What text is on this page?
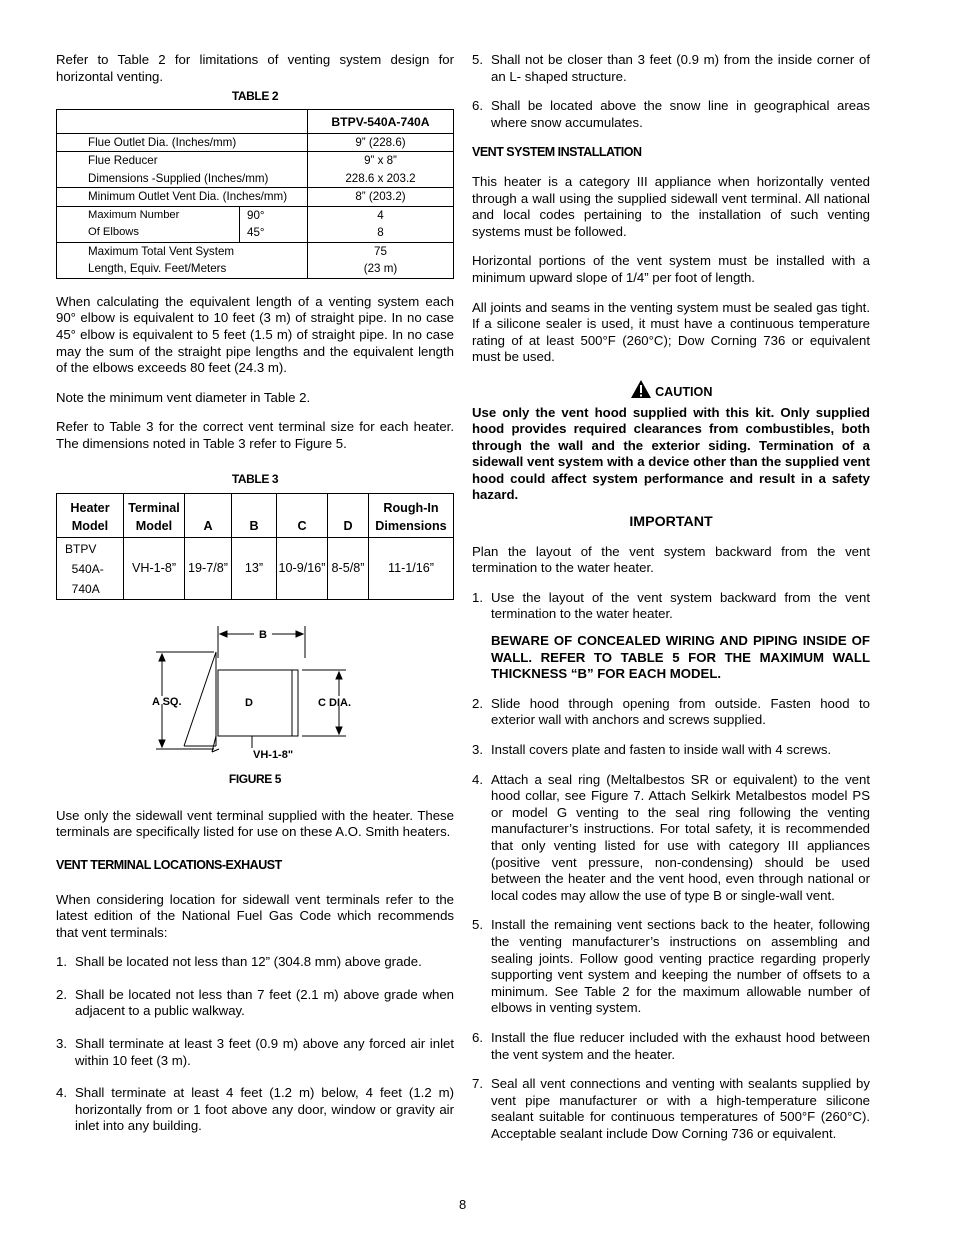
Refer to Table 2 for limitations of venting system design for horizontal venting.

TABLE 2
		BTPV-540A-740A
Flue Outlet Dia. (Inches/mm)		9” (228.6)
Flue Reducer		9” x 8”
Dimensions -Supplied (Inches/mm)		228.6 x 203.2
Minimum Outlet Vent Dia. (Inches/mm)		8” (203.2)
Maximum Number	90°	4
Of Elbows	45°	8
Maximum Total Vent System		75
Length, Equiv. Feet/Meters		(23 m)

When calculating the equivalent length of a venting system each 90° elbow is equivalent to 10 feet (3 m) of straight pipe. In no case 45° elbow is equivalent to 5 feet (1.5 m) of straight pipe. In no case may the sum of the straight pipe lengths and the equivalent length of the elbows exceeds 80 feet (24.3 m).

Note the minimum vent diameter in Table 2.

Refer to Table 3 for the correct vent terminal size for each heater. The dimensions noted in Table 3 refer to Figure 5.

TABLE 3
Heater
Model	Terminal
Model	A	B	C	D	Rough-In
Dimensions
BTPV
540A-
740A	VH-1-8”	19-7/8”	13”	10-9/16”	8-5/8”	11-1/16”
B
A SQ.	D	C DIA.
VH-1-8"
FIGURE 5

Use only the sidewall vent terminal supplied with the heater. These terminals are specifically listed for use on these A.O. Smith heaters.

VENT TERMINAL LOCATIONS-EXHAUST

When considering location for sidewall vent terminals refer to the latest edition of the National Fuel Gas Code which recommends that vent terminals:

1. Shall be located not less than 12” (304.8 mm) above grade.
2. Shall be located not less than 7 feet (2.1 m) above grade when adjacent to a public walkway.
3. Shall terminate at least 3 feet (0.9 m) above any forced air inlet within 10 feet (3 m).
4. Shall terminate at least 4 feet (1.2 m) below, 4 feet (1.2 m) horizontally from or 1 foot above any door, window or gravity air inlet into any building.
5. Shall not be closer than 3 feet (0.9 m) from the inside corner of an L- shaped structure.
6. Shall be located above the snow line in geographical areas where snow accumulates.
VENT SYSTEM INSTALLATION

This heater is a category III appliance when horizontally vented through a wall using the supplied sidewall vent terminal. All national and local codes pertaining to the installation of such venting systems must be followed.

Horizontal portions of the vent system must be installed with a minimum upward slope of 1/4” per foot of length.

All joints and seams in the venting system must be sealed gas tight. If a silicone sealer is used, it must have a continuous temperature rating of at least 500°F (260°C); Dow Corning 736 or equivalent must be used.

CAUTION

Use only the vent hood supplied with this kit. Only supplied hood provides required clearances from combustibles, both through the wall and the exterior siding. Termination of a sidewall vent system with a device other than the supplied vent hood could affect system performance and result in a safety hazard.

IMPORTANT

Plan the layout of the vent system backward from the vent termination to the water heater.

1. Use the layout of the vent system backward from the vent termination to the water heater.

BEWARE OF CONCEALED WIRING AND PIPING INSIDE OF WALL. REFER TO TABLE 5 FOR THE MAXIMUM WALL THICKNESS “B” FOR EACH MODEL.

2. Slide hood through opening from outside. Fasten hood to exterior wall with anchors and screws supplied.
3. Install covers plate and fasten to inside wall with 4 screws.
4. Attach a seal ring (Meltalbestos SR or equivalent) to the vent hood collar, see Figure 7. Attach Selkirk Metalbestos model PS or model G venting to the seal ring following the venting manufacturer’s instructions. For total safety, it is recommended that only venting listed for use with category III appliances (positive vent pressure, non-condensing) should be used between the heater and the vent hood, even through national or local codes may allow the use of type B or single-wall vent.
5. Install the remaining vent sections back to the heater, following the venting manufacturer’s instructions on assembling and sealing joints. Follow good venting practice regarding properly supporting vent system and keeping the number of offsets to a minimum. See Table 2 for the maximum allowable number of elbows in venting system.
6. Install the flue reducer included with the exhaust hood between the vent system and the heater.
7. Seal all vent connections and venting with sealants supplied by vent pipe manufacturer or with a high-temperature silicone sealant suitable for continuous temperatures of 500°F (260°C). Acceptable sealant include Dow Corning 736 or equivalent.
8
